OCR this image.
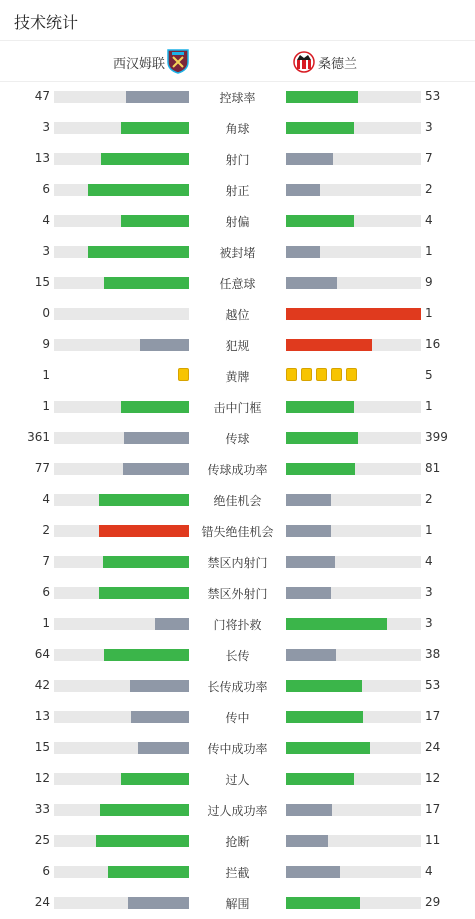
技术统计
西汉姆联	桑德兰
47	控球率	53
3	角球	3
13	射门	7
6	射正	2
4	射偏	4
3	被封堵	1
15	任意球	9
0	越位	1
9	犯规	16
1	黄牌	5
1	击中门框	1
361	传球	399
77	传球成功率	81
4	绝佳机会	2
2	错失绝佳机会	1
7	禁区内射门	4
6	禁区外射门	3
1	门将扑救	3
64	长传	38
42	长传成功率	53
13	传中	17
15	传中成功率	24
12	过人	12
33	过人成功率	17
25	抢断	11
6	拦截	4
24	解围	29
